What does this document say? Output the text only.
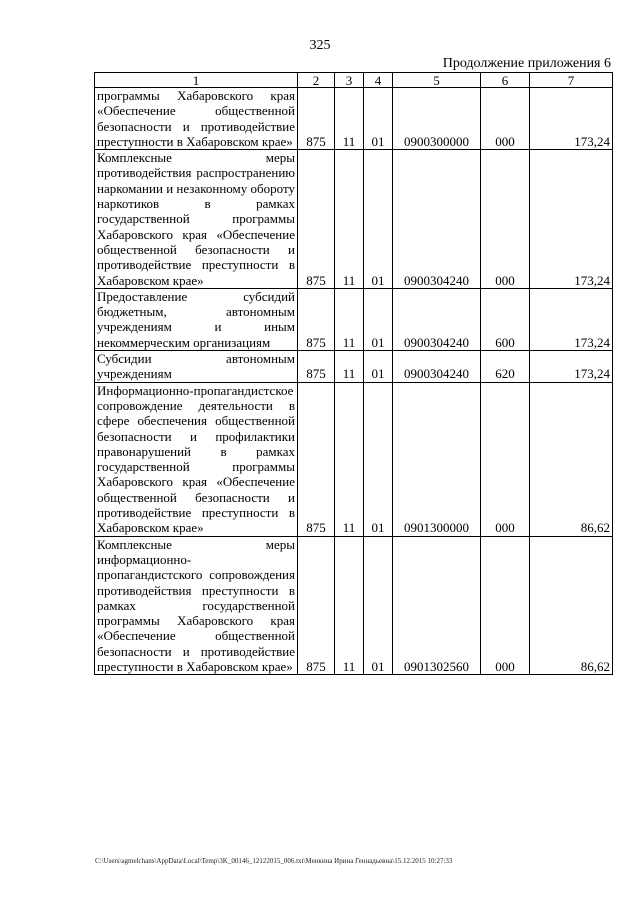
325
Продолжение приложения 6
1	2	3	4	5	6	7
программы Хабаровского края «Обеспечение общественной безопасности и противодействие преступности в Хабаровском крае»	875	11	01	0900300000	000	173,24
Комплексные меры противодействия распространению наркомании и незаконному обороту наркотиков в рамках государственной программы Хабаровского края «Обеспечение общественной безопасности и противодействие преступности в Хабаровском крае»	875	11	01	0900304240	000	173,24
Предоставление субсидий бюджетным, автономным учреждениям и иным некоммерческим организациям	875	11	01	0900304240	600	173,24
Субсидии автономным учреждениям	875	11	01	0900304240	620	173,24
Информационно-пропагандистское сопровождение деятельности в сфере обеспечения общественной безопасности и профилактики правонарушений в рамках государственной программы Хабаровского края «Обеспечение общественной безопасности и противодействие преступности в Хабаровском крае»	875	11	01	0901300000	000	86,62
Комплексные меры информационно-пропагандистского сопровождения противодействия преступности в рамках государственной программы Хабаровского края «Обеспечение общественной безопасности и противодействие преступности в Хабаровском крае»	875	11	01	0901302560	000	86,62
C:\Users\agmelchans\AppData\Local\Temp\3K_00146_12122015_006.txt\Менкина Ирина Геннадьевна\15.12.2015 10:27:33
